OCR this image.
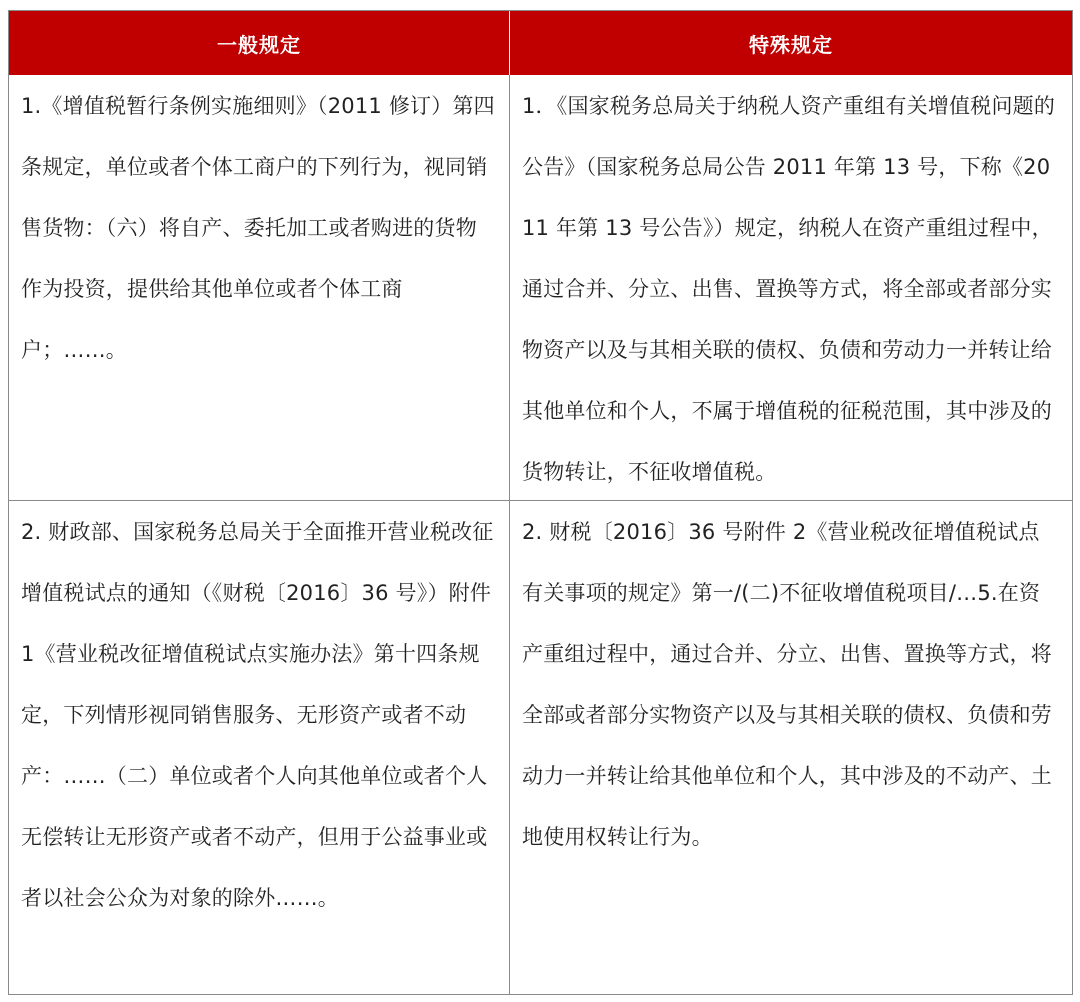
一般规定	特殊规定
1.《增值税暂行条例实施细则》（2011 修订）第四条规定，单位或者个体工商户的下列行为，视同销售货物：（六）将自产、委托加工或者购进的货物作为投资，提供给其他单位或者个体工商户；……。
1．《国家税务总局关于纳税人资产重组有关增值税问题的公告》（国家税务总局公告 2011 年第 13 号，下称《2011 年第 13 号公告》）规定，纳税人在资产重组过程中，通过合并、分立、出售、置换等方式，将全部或者部分实物资产以及与其相关联的债权、负债和劳动力一并转让给其他单位和个人，不属于增值税的征税范围，其中涉及的货物转让，不征收增值税。
2. 财政部、国家税务总局关于全面推开营业税改征增值税试点的通知（《财税〔2016〕36 号》）附件 1《营业税改征增值税试点实施办法》第十四条规定，下列情形视同销售服务、无形资产或者不动产：……（二）单位或者个人向其他单位或者个人无偿转让无形资产或者不动产，但用于公益事业或者以社会公众为对象的除外……。
2. 财税〔2016〕36 号附件 2《营业税改征增值税试点有关事项的规定》第一/(二)不征收增值税项目/…5.在资产重组过程中，通过合并、分立、出售、置换等方式，将全部或者部分实物资产以及与其相关联的债权、负债和劳动力一并转让给其他单位和个人，其中涉及的不动产、土地使用权转让行为。
